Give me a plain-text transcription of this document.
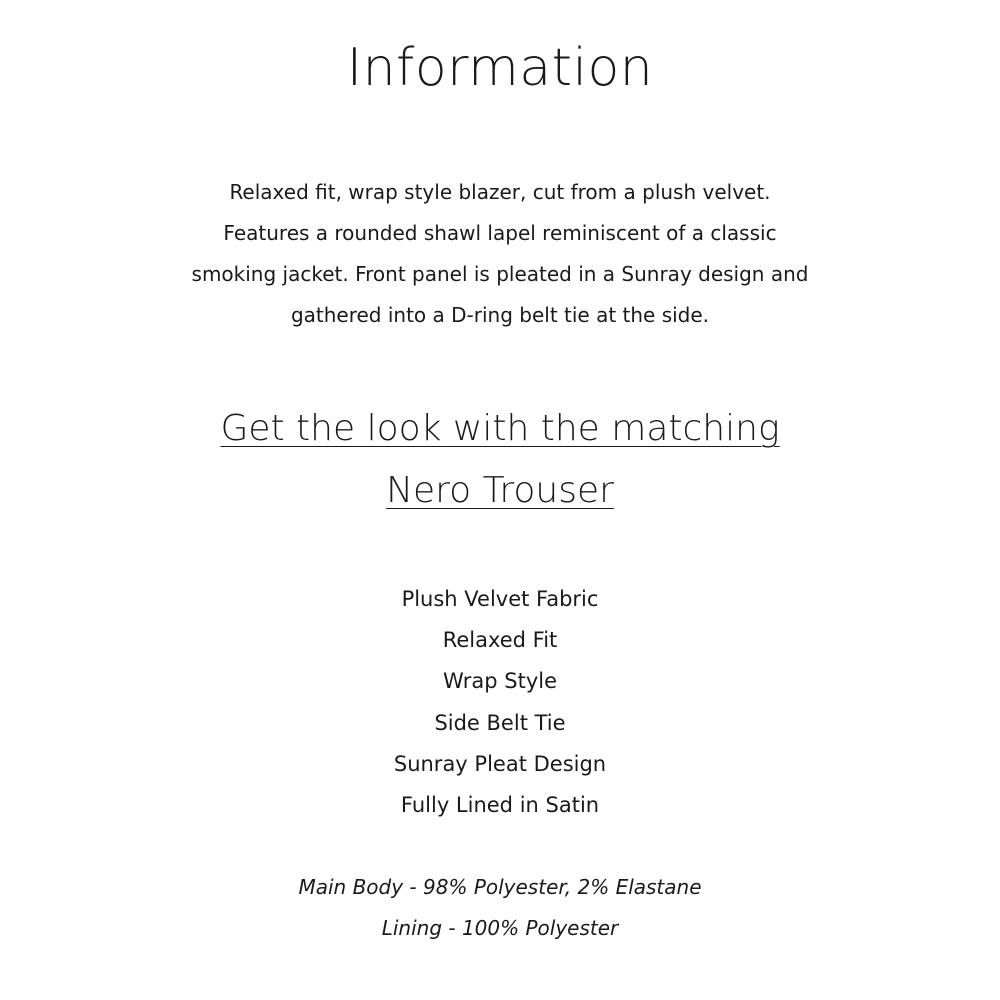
Information

Relaxed fit, wrap style blazer, cut from a plush velvet.
Features a rounded shawl lapel reminiscent of a classic
smoking jacket. Front panel is pleated in a Sunray design and
gathered into a D-ring belt tie at the side.

Get the look with the matching
Nero Trouser
Plush Velvet Fabric
Relaxed Fit
Wrap Style
Side Belt Tie
Sunray Pleat Design
Fully Lined in Satin
Main Body - 98% Polyester, 2% Elastane
Lining - 100% Polyester
